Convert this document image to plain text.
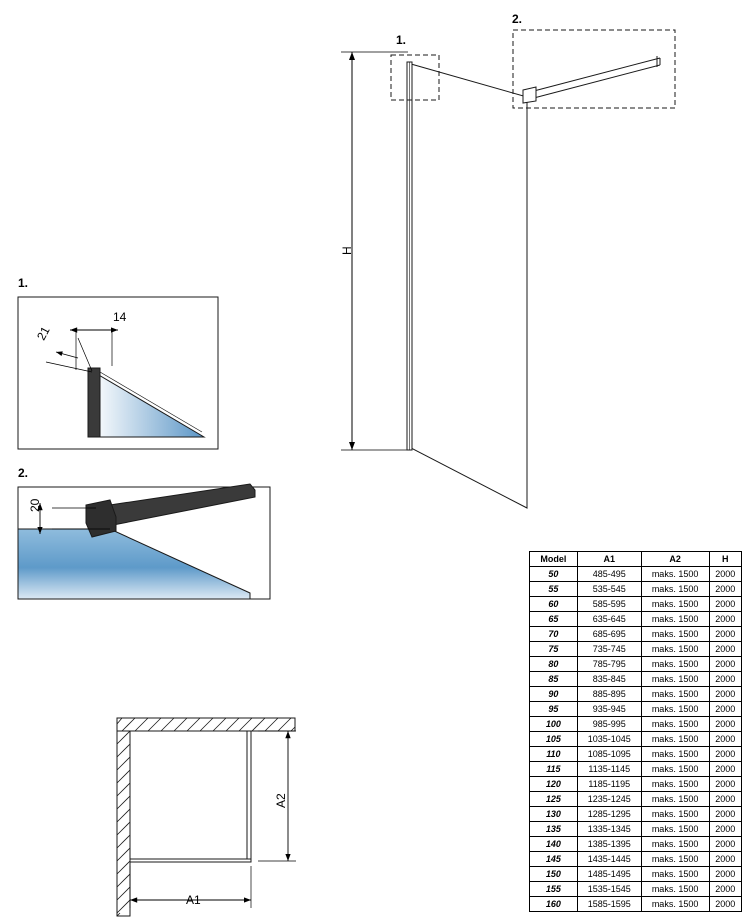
1.
2.
1.
2.
H
14
21
20
A1
A2
Model	A1	A2	H
50	485-495	maks. 1500	2000
55	535-545	maks. 1500	2000
60	585-595	maks. 1500	2000
65	635-645	maks. 1500	2000
70	685-695	maks. 1500	2000
75	735-745	maks. 1500	2000
80	785-795	maks. 1500	2000
85	835-845	maks. 1500	2000
90	885-895	maks. 1500	2000
95	935-945	maks. 1500	2000
100	985-995	maks. 1500	2000
105	1035-1045	maks. 1500	2000
110	1085-1095	maks. 1500	2000
115	1135-1145	maks. 1500	2000
120	1185-1195	maks. 1500	2000
125	1235-1245	maks. 1500	2000
130	1285-1295	maks. 1500	2000
135	1335-1345	maks. 1500	2000
140	1385-1395	maks. 1500	2000
145	1435-1445	maks. 1500	2000
150	1485-1495	maks. 1500	2000
155	1535-1545	maks. 1500	2000
160	1585-1595	maks. 1500	2000
